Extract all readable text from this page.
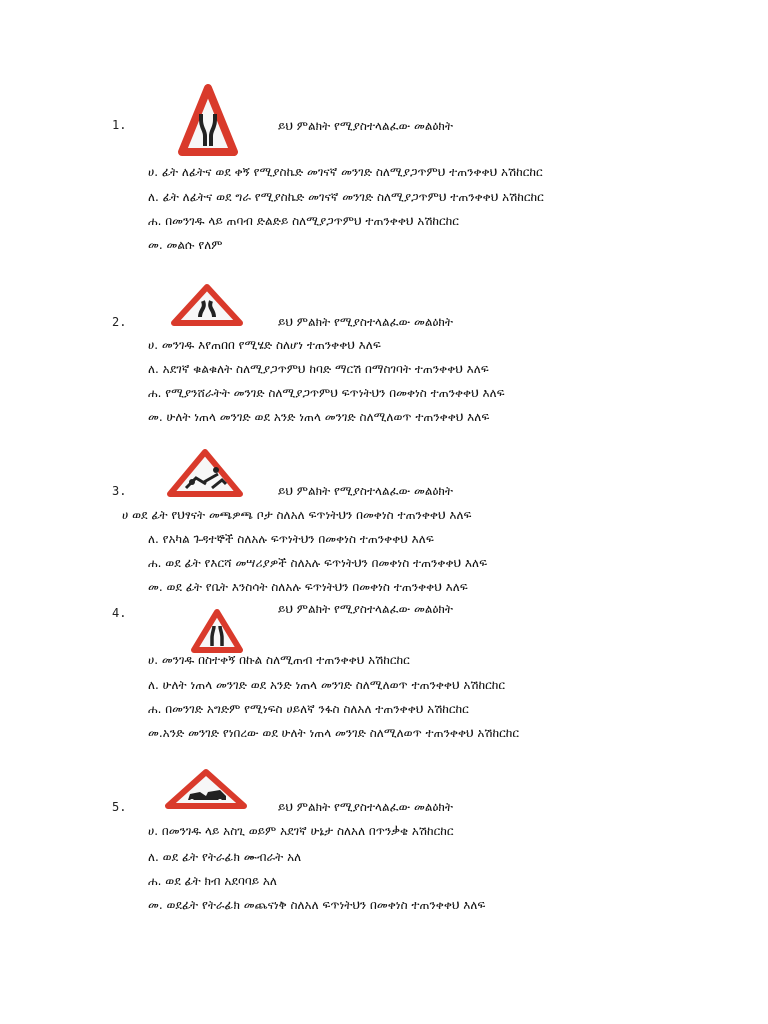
1.	ይህ ምልክት የሚያስተላልፈው መልዕክት
ሀ. ፊት ለፊትና ወደ ቀኝ የሚያስኬድ መገናኛ መንገድ ስለሚያጋጥምህ ተጠንቀቀህ አሽከርከር
ለ. ፊት ለፊትና ወደ ግራ የሚያስኬድ መገናኛ መንገድ ስለሚያጋጥምህ ተጠንቀቀህ አሽከርከር
ሐ. በመንገዱ ላይ ጠባብ ድልድይ ስለሚያጋጥምህ ተጠንቀቀህ አሽከርከር
መ. መልሱ የለም
2.	ይህ ምልክት የሚያስተላልፈው መልዕክት
ሀ. መንገዱ እየጠበበ የሚሄድ ስለሆነ ተጠንቀቀህ እለፍ
ለ. አደገኛ ቁልቁለት ስለሚያጋጥምህ ከባድ ማርሽ በማስገባት ተጠንቀቀህ እለፍ
ሐ. የሚያንሸራትት መንገድ ስለሚያጋጥምህ ፍጥነትህን በመቀነስ ተጠንቀቀህ እለፍ
መ. ሁለት ነጠላ መንገድ ወደ አንድ ነጠላ መንገድ ስለሚለወጥ ተጠንቀቀህ እለፍ
3.	ይህ ምልክት የሚያስተላልፈው መልዕክት
ሀ ወደ ፊት የህፃናት መጫዎጫ ቦታ ስለአለ ፍጥነትህን በመቀነስ ተጠንቀቀህ እለፍ
ለ. የአካል ጉዳተኞች ስለአሉ ፍጥነትህን በመቀነስ ተጠንቀቀህ እለፍ
ሐ. ወደ ፊት የእርሻ መሣሪያዎች ስለአሉ ፍጥነትህን በመቀነስ ተጠንቀቀህ እለፍ
መ. ወደ ፊት የቤት እንስሳት ስለአሉ ፍጥነትህን በመቀነስ ተጠንቀቀህ እለፍ
4.	ይህ ምልክት የሚያስተላልፈው መልዕክት
ሀ. መንገዱ በስተቀኝ በኩል ስለሚጠብ ተጠንቀቀህ አሽከርከር
ለ. ሁለት ነጠላ መንገድ ወደ አንድ ነጠላ መንገድ ስለሚለወጥ ተጠንቀቀህ አሽከርከር
ሐ. በመንገድ አግድም የሚነፍስ ሀይለኛ ንፋስ ስለአለ ተጠንቀቀህ አሽከርከር
መ.አንድ መንገድ የነበረው ወደ ሁለት ነጠላ መንገድ ስለሚለወጥ ተጠንቀቀህ አሽከርከር
5.	ይህ ምልክት የሚያስተላልፈው መልዕክት
ሀ. በመንገዱ ላይ አስጊ ወይም አደገኛ ሁኔታ ስለአለ በጥንቃቄ አሽከርከር
ለ. ወደ ፊት የትራፊክ ሙብራት አለ
ሐ. ወደ ፊት ክብ አደባባይ አለ
መ. ወደፊት የትራፊክ መጨናነቅ ስለአለ ፍጥነትህን በመቀነስ ተጠንቀቀህ እለፍ
